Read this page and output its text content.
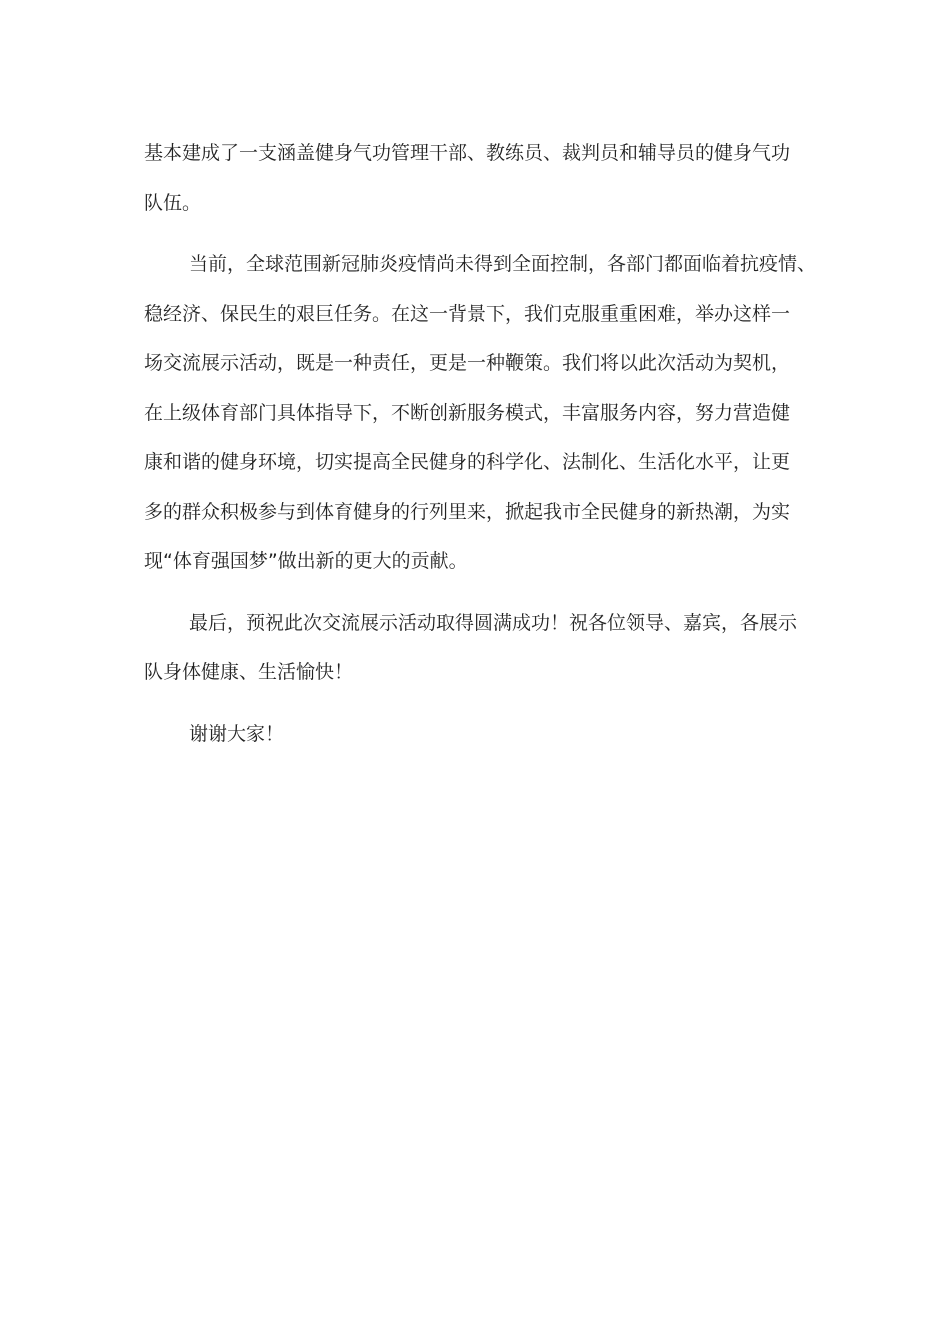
基本建成了一支涵盖健身气功管理干部、教练员、裁判员和辅导员的健身气功
队伍。

当前，全球范围新冠肺炎疫情尚未得到全面控制，各部门都面临着抗疫情、
稳经济、保民生的艰巨任务。在这一背景下，我们克服重重困难，举办这样一
场交流展示活动，既是一种责任，更是一种鞭策。我们将以此次活动为契机，
在上级体育部门具体指导下，不断创新服务模式，丰富服务内容，努力营造健
康和谐的健身环境，切实提高全民健身的科学化、法制化、生活化水平，让更
多的群众积极参与到体育健身的行列里来，掀起我市全民健身的新热潮，为实
现“体育强国梦”做出新的更大的贡献。

最后，预祝此次交流展示活动取得圆满成功！祝各位领导、嘉宾，各展示
队身体健康、生活愉快！

谢谢大家！
